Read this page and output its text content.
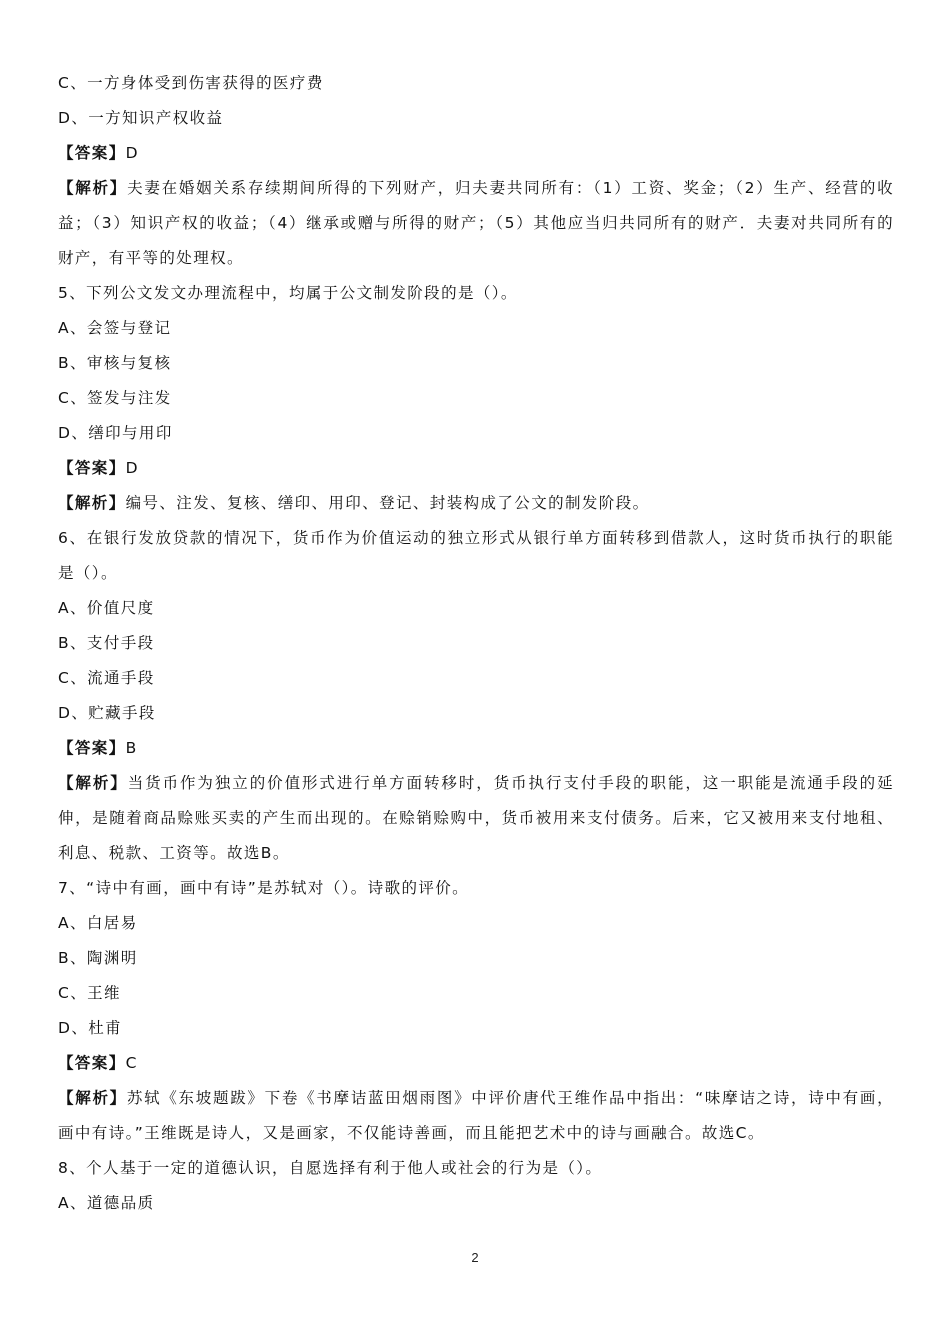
C、一方身体受到伤害获得的医疗费

D、一方知识产权收益

【答案】D

【解析】夫妻在婚姻关系存续期间所得的下列财产，归夫妻共同所有：（1）工资、奖金；（2）生产、经营的收益；（3）知识产权的收益；（4）继承或赠与所得的财产；（5）其他应当归共同所有的财产．夫妻对共同所有的财产，有平等的处理权。

5、下列公文发文办理流程中，均属于公文制发阶段的是（）。

A、会签与登记

B、审核与复核

C、签发与注发

D、缮印与用印

【答案】D

【解析】编号、注发、复核、缮印、用印、登记、封装构成了公文的制发阶段。

6、在银行发放贷款的情况下，货币作为价值运动的独立形式从银行单方面转移到借款人，这时货币执行的职能是（）。

A、价值尺度

B、支付手段

C、流通手段

D、贮藏手段

【答案】B

【解析】当货币作为独立的价值形式进行单方面转移时，货币执行支付手段的职能，这一职能是流通手段的延伸，是随着商品赊账买卖的产生而出现的。在赊销赊购中，货币被用来支付债务。后来，它又被用来支付地租、利息、税款、工资等。故选B。

7、“诗中有画，画中有诗”是苏轼对（）。诗歌的评价。

A、白居易

B、陶渊明

C、王维

D、杜甫

【答案】C

【解析】苏轼《东坡题跋》下卷《书摩诘蓝田烟雨图》中评价唐代王维作品中指出：“味摩诘之诗，诗中有画，画中有诗。”王维既是诗人，又是画家，不仅能诗善画，而且能把艺术中的诗与画融合。故选C。

8、个人基于一定的道德认识，自愿选择有利于他人或社会的行为是（）。

A、道德品质

2
